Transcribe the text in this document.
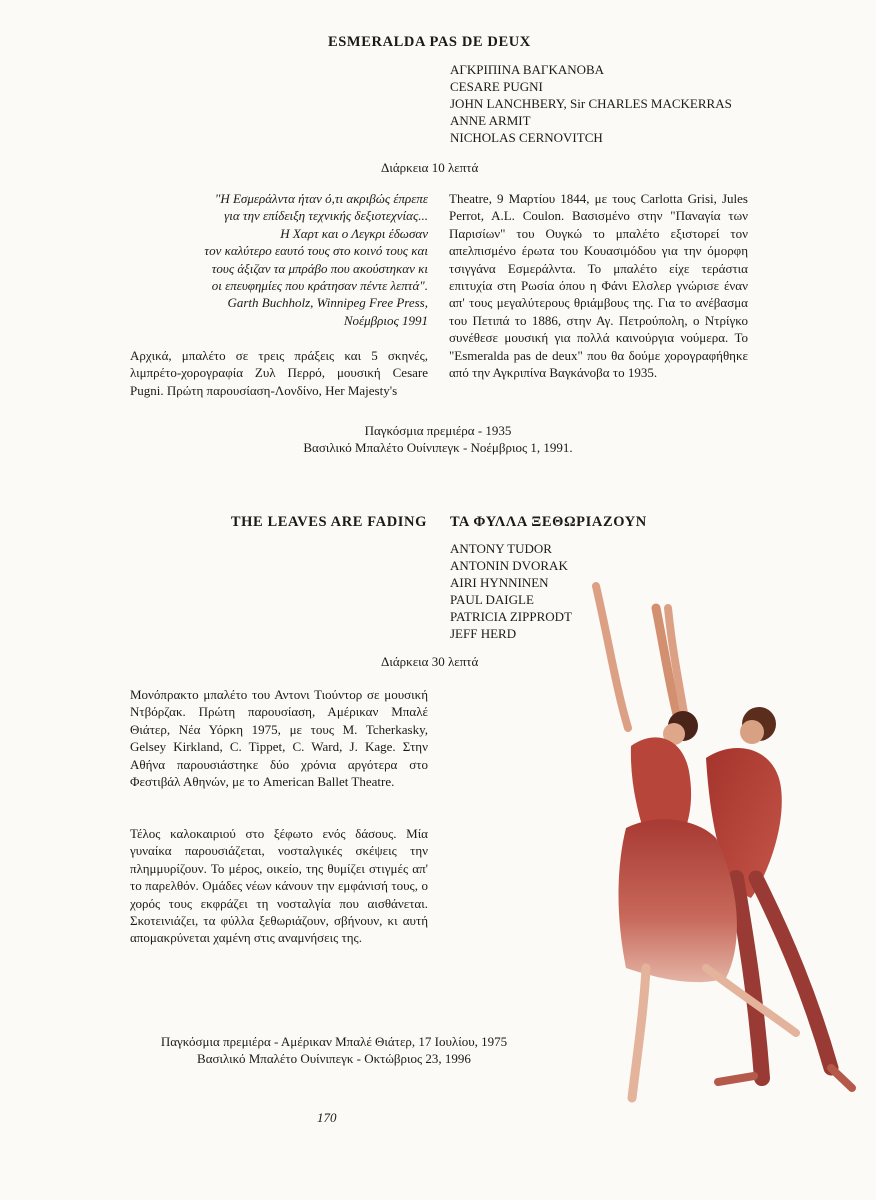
ESMERALDA PAS DE DEUX
ΑΓΚΡΙΠΙΝΑ ΒΑΓΚΑΝΟΒΑ
CESARE PUGNI
JOHN LANCHBERY, Sir CHARLES MACKERRAS
ANNE ARMIT
NICHOLAS CERNOVITCH
Διάρκεια 10 λεπτά
"Η Εσμεράλντα ήταν ό,τι ακριβώς έπρεπε
για την επίδειξη τεχνικής δεξιοτεχνίας...
Η Χαρτ και ο Λεγκρι έδωσαν
τον καλύτερο εαυτό τους στο κοινό τους και
τους άξιζαν τα μπράβο που ακούστηκαν κι
οι επευφημίες που κράτησαν πέντε λεπτά".
Garth Buchholz, Winnipeg Free Press,
Νοέμβριος 1991
Αρχικά, μπαλέτο σε τρεις πράξεις και 5 σκηνές, λιμπρέτο-χορογραφία Ζυλ Περρό, μουσική Cesare Pugni. Πρώτη παρουσίαση-Λονδίνο, Her Majesty's
Theatre, 9 Μαρτίου 1844, με τους Carlotta Grisi, Jules Perrot, A.L. Coulon. Βασισμένο στην "Παναγία των Παρισίων" του Ουγκώ το μπαλέτο εξιστορεί τον απελπισμένο έρωτα του Κουασιμόδου για την όμορφη τσιγγάνα Εσμεράλντα. Το μπαλέτο είχε τεράστια επιτυχία στη Ρωσία όπου η Φάνι Ελσλερ γνώρισε έναν απ' τους μεγαλύτερους θριάμβους της. Για το ανέβασμα του Πετιπά το 1886, στην Αγ. Πετρούπολη, ο Ντρίγκο συνέθεσε μουσική για πολλά καινούργια νούμερα. Το "Esmeralda pas de deux" που θα δούμε χορογραφήθηκε από την Αγκριπίνα Βαγκάνοβα το 1935.
Παγκόσμια πρεμιέρα - 1935
Βασιλικό Μπαλέτο Ουίνιπεγκ - Νοέμβριος 1, 1991.
THE LEAVES ARE FADING ΤΑ ΦΥΛΛΑ ΞΕΘΩΡΙΑΖΟΥΝ
ANTONY TUDOR
ANTONIN DVORAK
AIRI HYNNINEN
PAUL DAIGLE
PATRICIA ZIPPRODT
JEFF HERD
Διάρκεια 30 λεπτά
Μονόπρακτο μπαλέτο του Αντονι Τιούντορ σε μουσική Ντβόρζακ. Πρώτη παρουσίαση, Αμέρικαν Μπαλέ Θιάτερ, Νέα Υόρκη 1975, με τους M. Tcherkasky, Gelsey Kirkland, C. Tippet, C. Ward, J. Kage. Στην Αθήνα παρουσιάστηκε δύο χρόνια αργότερα στο Φεστιβάλ Αθηνών, με το American Ballet Theatre.
Τέλος καλοκαιριού στο ξέφωτο ενός δάσους. Μία γυναίκα παρουσιάζεται, νοσταλγικές σκέψεις την πλημμυρίζουν. Το μέρος, οικείο, της θυμίζει στιγμές απ' το παρελθόν. Ομάδες νέων κάνουν την εμφάνισή τους, ο χορός τους εκφράζει τη νοσταλγία που αισθάνεται. Σκοτεινιάζει, τα φύλλα ξεθωριάζουν, σβήνουν, κι αυτή απομακρύνεται χαμένη στις αναμνήσεις της.
Παγκόσμια πρεμιέρα - Αμέρικαν Μπαλέ Θιάτερ, 17 Ιουλίου, 1975
Βασιλικό Μπαλέτο Ουίνιπεγκ - Οκτώβριος 23, 1996
170
